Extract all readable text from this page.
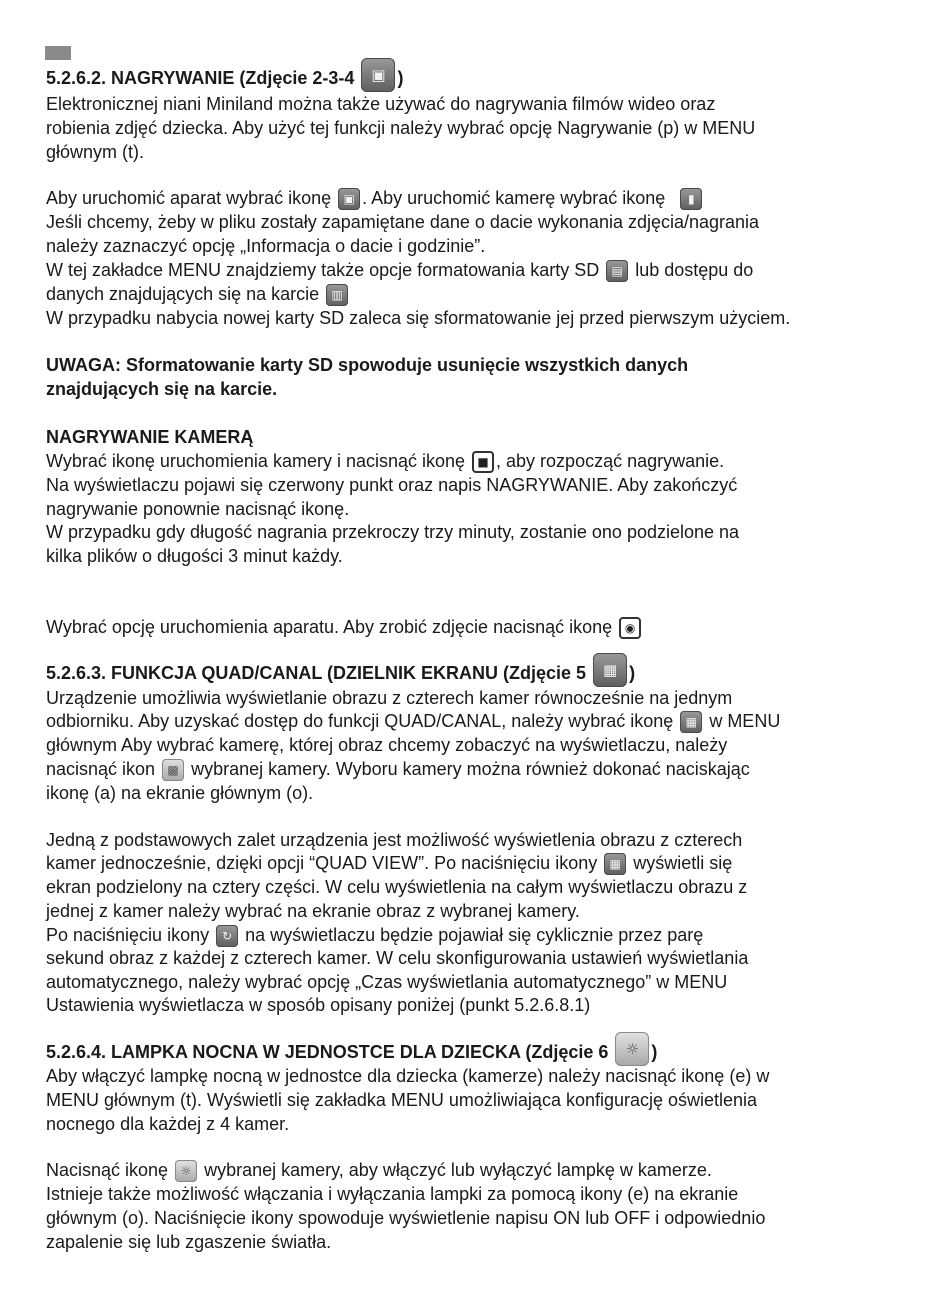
5.2.6.2. NAGRYWANIE (Zdjęcie 2-3-4 ▣ )
Elektronicznej niani Miniland można także używać do nagrywania filmów wideo oraz
robienia zdjęć dziecka. Aby użyć tej funkcji należy wybrać opcję Nagrywanie (p) w MENU
głównym (t).
Aby uruchomić aparat wybrać ikonę ▣ . Aby uruchomić kamerę wybrać ikonę ▮
Jeśli chcemy, żeby w pliku zostały zapamiętane dane o dacie wykonania zdjęcia/nagrania
należy zaznaczyć opcję „Informacja o dacie i godzinie”.
W tej zakładce MENU znajdziemy także opcje formatowania karty SD ▤ lub dostępu do
danych znajdujących się na karcie ▥
W przypadku nabycia nowej karty SD zaleca się sformatowanie jej przed pierwszym użyciem.
UWAGA: Sformatowanie karty SD spowoduje usunięcie wszystkich danych
znajdujących się na karcie.
NAGRYWANIE KAMERĄ
Wybrać ikonę uruchomienia kamery i nacisnąć ikonę ■ , aby rozpocząć nagrywanie.
Na wyświetlaczu pojawi się czerwony punkt oraz napis NAGRYWANIE. Aby zakończyć
nagrywanie ponownie nacisnąć ikonę.
W przypadku gdy długość nagrania przekroczy trzy minuty, zostanie ono podzielone na
kilka plików o długości 3 minut każdy.
Wybrać opcję uruchomienia aparatu. Aby zrobić zdjęcie nacisnąć ikonę ◉
5.2.6.3. FUNKCJA QUAD/CANAL (DZIELNIK EKRANU (Zdjęcie 5 ▦ )
Urządzenie umożliwia wyświetlanie obrazu z czterech kamer równocześnie na jednym
odbiorniku. Aby uzyskać dostęp do funkcji QUAD/CANAL, należy wybrać ikonę ▦ w MENU
głównym Aby wybrać kamerę, której obraz chcemy zobaczyć na wyświetlaczu, należy
nacisnąć ikon ▩ wybranej kamery. Wyboru kamery można również dokonać naciskając
ikonę (a) na ekranie głównym (o).
Jedną z podstawowych zalet urządzenia jest możliwość wyświetlenia obrazu z czterech
kamer jednocześnie, dzięki opcji “QUAD VIEW”. Po naciśnięciu ikony ▦ wyświetli się
ekran podzielony na cztery części. W celu wyświetlenia na całym wyświetlaczu obrazu z
jednej z kamer należy wybrać na ekranie obraz z wybranej kamery.
Po naciśnięciu ikony ↻ na wyświetlaczu będzie pojawiał się cyklicznie przez parę
sekund obraz z każdej z czterech kamer. W celu skonfigurowania ustawień wyświetlania
automatycznego, należy wybrać opcję „Czas wyświetlania automatycznego” w MENU
Ustawienia wyświetlacza w sposób opisany poniżej (punkt 5.2.6.8.1)
5.2.6.4. LAMPKA NOCNA W JEDNOSTCE DLA DZIECKA (Zdjęcie 6 ☼ )
Aby włączyć lampkę nocną w jednostce dla dziecka (kamerze) należy nacisnąć ikonę (e) w
MENU głównym (t). Wyświetli się zakładka MENU umożliwiająca konfigurację oświetlenia
nocnego dla każdej z 4 kamer.
Nacisnąć ikonę ☼ wybranej kamery, aby włączyć lub wyłączyć lampkę w kamerze.
Istnieje także możliwość włączania i wyłączania lampki za pomocą ikony (e) na ekranie
głównym (o). Naciśnięcie ikony spowoduje wyświetlenie napisu ON lub OFF i odpowiednio
zapalenie się lub zgaszenie światła.
